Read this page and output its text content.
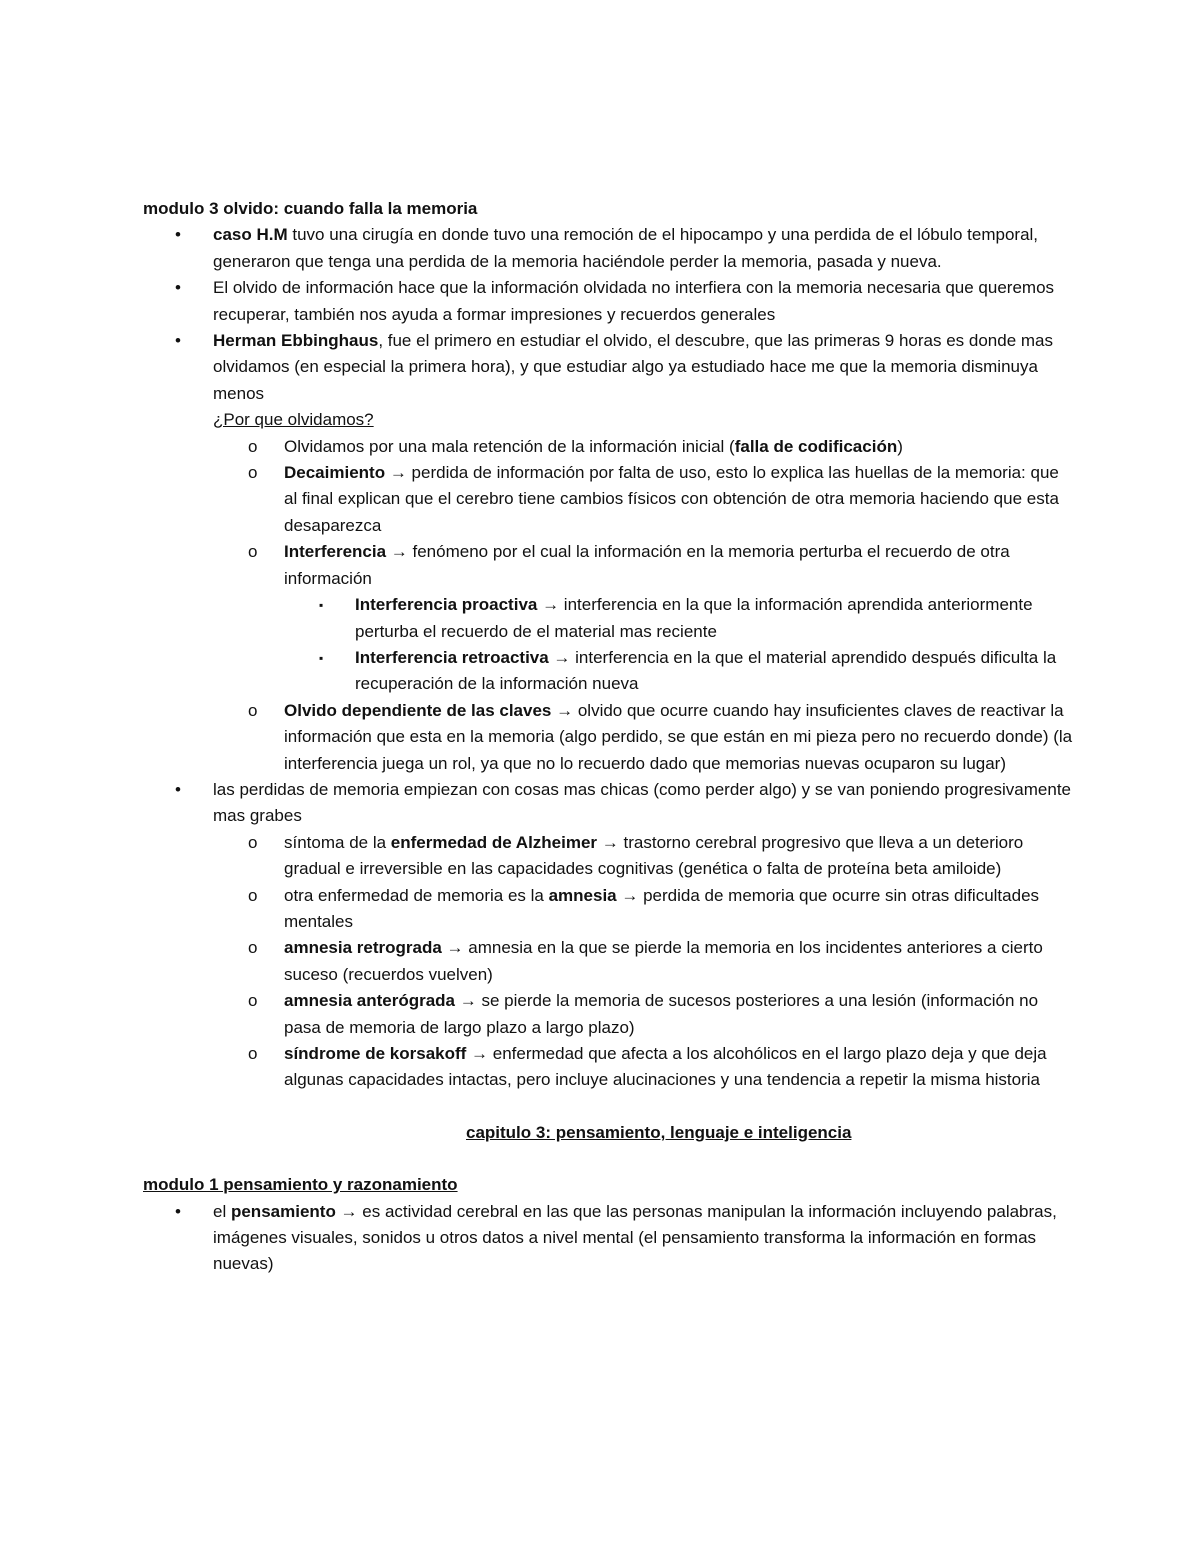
modulo 3 olvido: cuando falla la memoria

• caso H.M tuvo una cirugía en donde tuvo una remoción de el hipocampo y una perdida de el lóbulo temporal, generaron que tenga una perdida de la memoria haciéndole perder la memoria, pasada y nueva.
• El olvido de información hace que la información olvidada no interfiera con la memoria necesaria que queremos recuperar, también nos ayuda a formar impresiones y recuerdos generales
• Herman Ebbinghaus, fue el primero en estudiar el olvido, el descubre, que las primeras 9 horas es donde mas olvidamos (en especial la primera hora), y que estudiar algo ya estudiado hace me que la memoria disminuya menos
¿Por que olvidamos?
o Olvidamos por una mala retención de la información inicial (falla de codificación)
o Decaimiento → perdida de información por falta de uso, esto lo explica las huellas de la memoria: que al final explican que el cerebro tiene cambios físicos con obtención de otra memoria haciendo que esta desaparezca
o Interferencia → fenómeno por el cual la información en la memoria perturba el recuerdo de otra información
▪ Interferencia proactiva → interferencia en la que la información aprendida anteriormente perturba el recuerdo de el material mas reciente
▪ Interferencia retroactiva → interferencia en la que el material aprendido después dificulta la recuperación de la información nueva
o Olvido dependiente de las claves → olvido que ocurre cuando hay insuficientes claves de reactivar la información que esta en la memoria (algo perdido, se que están en mi pieza pero no recuerdo donde) (la interferencia juega un rol, ya que no lo recuerdo dado que memorias nuevas ocuparon su lugar)
• las perdidas de memoria empiezan con cosas mas chicas (como perder algo) y se van poniendo progresivamente mas grabes
o síntoma de la enfermedad de Alzheimer → trastorno cerebral progresivo que lleva a un deterioro gradual e irreversible en las capacidades cognitivas (genética o falta de proteína beta amiloide)
o otra enfermedad de memoria es la amnesia → perdida de memoria que ocurre sin otras dificultades mentales
o amnesia retrograda → amnesia en la que se pierde la memoria en los incidentes anteriores a cierto suceso (recuerdos vuelven)
o amnesia anterógrada → se pierde la memoria de sucesos posteriores a una lesión (información no pasa de memoria de largo plazo a largo plazo)
o síndrome de korsakoff → enfermedad que afecta a los alcohólicos en el largo plazo deja y que deja algunas capacidades intactas, pero incluye alucinaciones y una tendencia a repetir la misma historia

capitulo 3: pensamiento, lenguaje e inteligencia

modulo 1 pensamiento y razonamiento

• el pensamiento → es actividad cerebral en las que las personas manipulan la información incluyendo palabras, imágenes visuales, sonidos u otros datos a nivel mental (el pensamiento transforma la información en formas nuevas)
